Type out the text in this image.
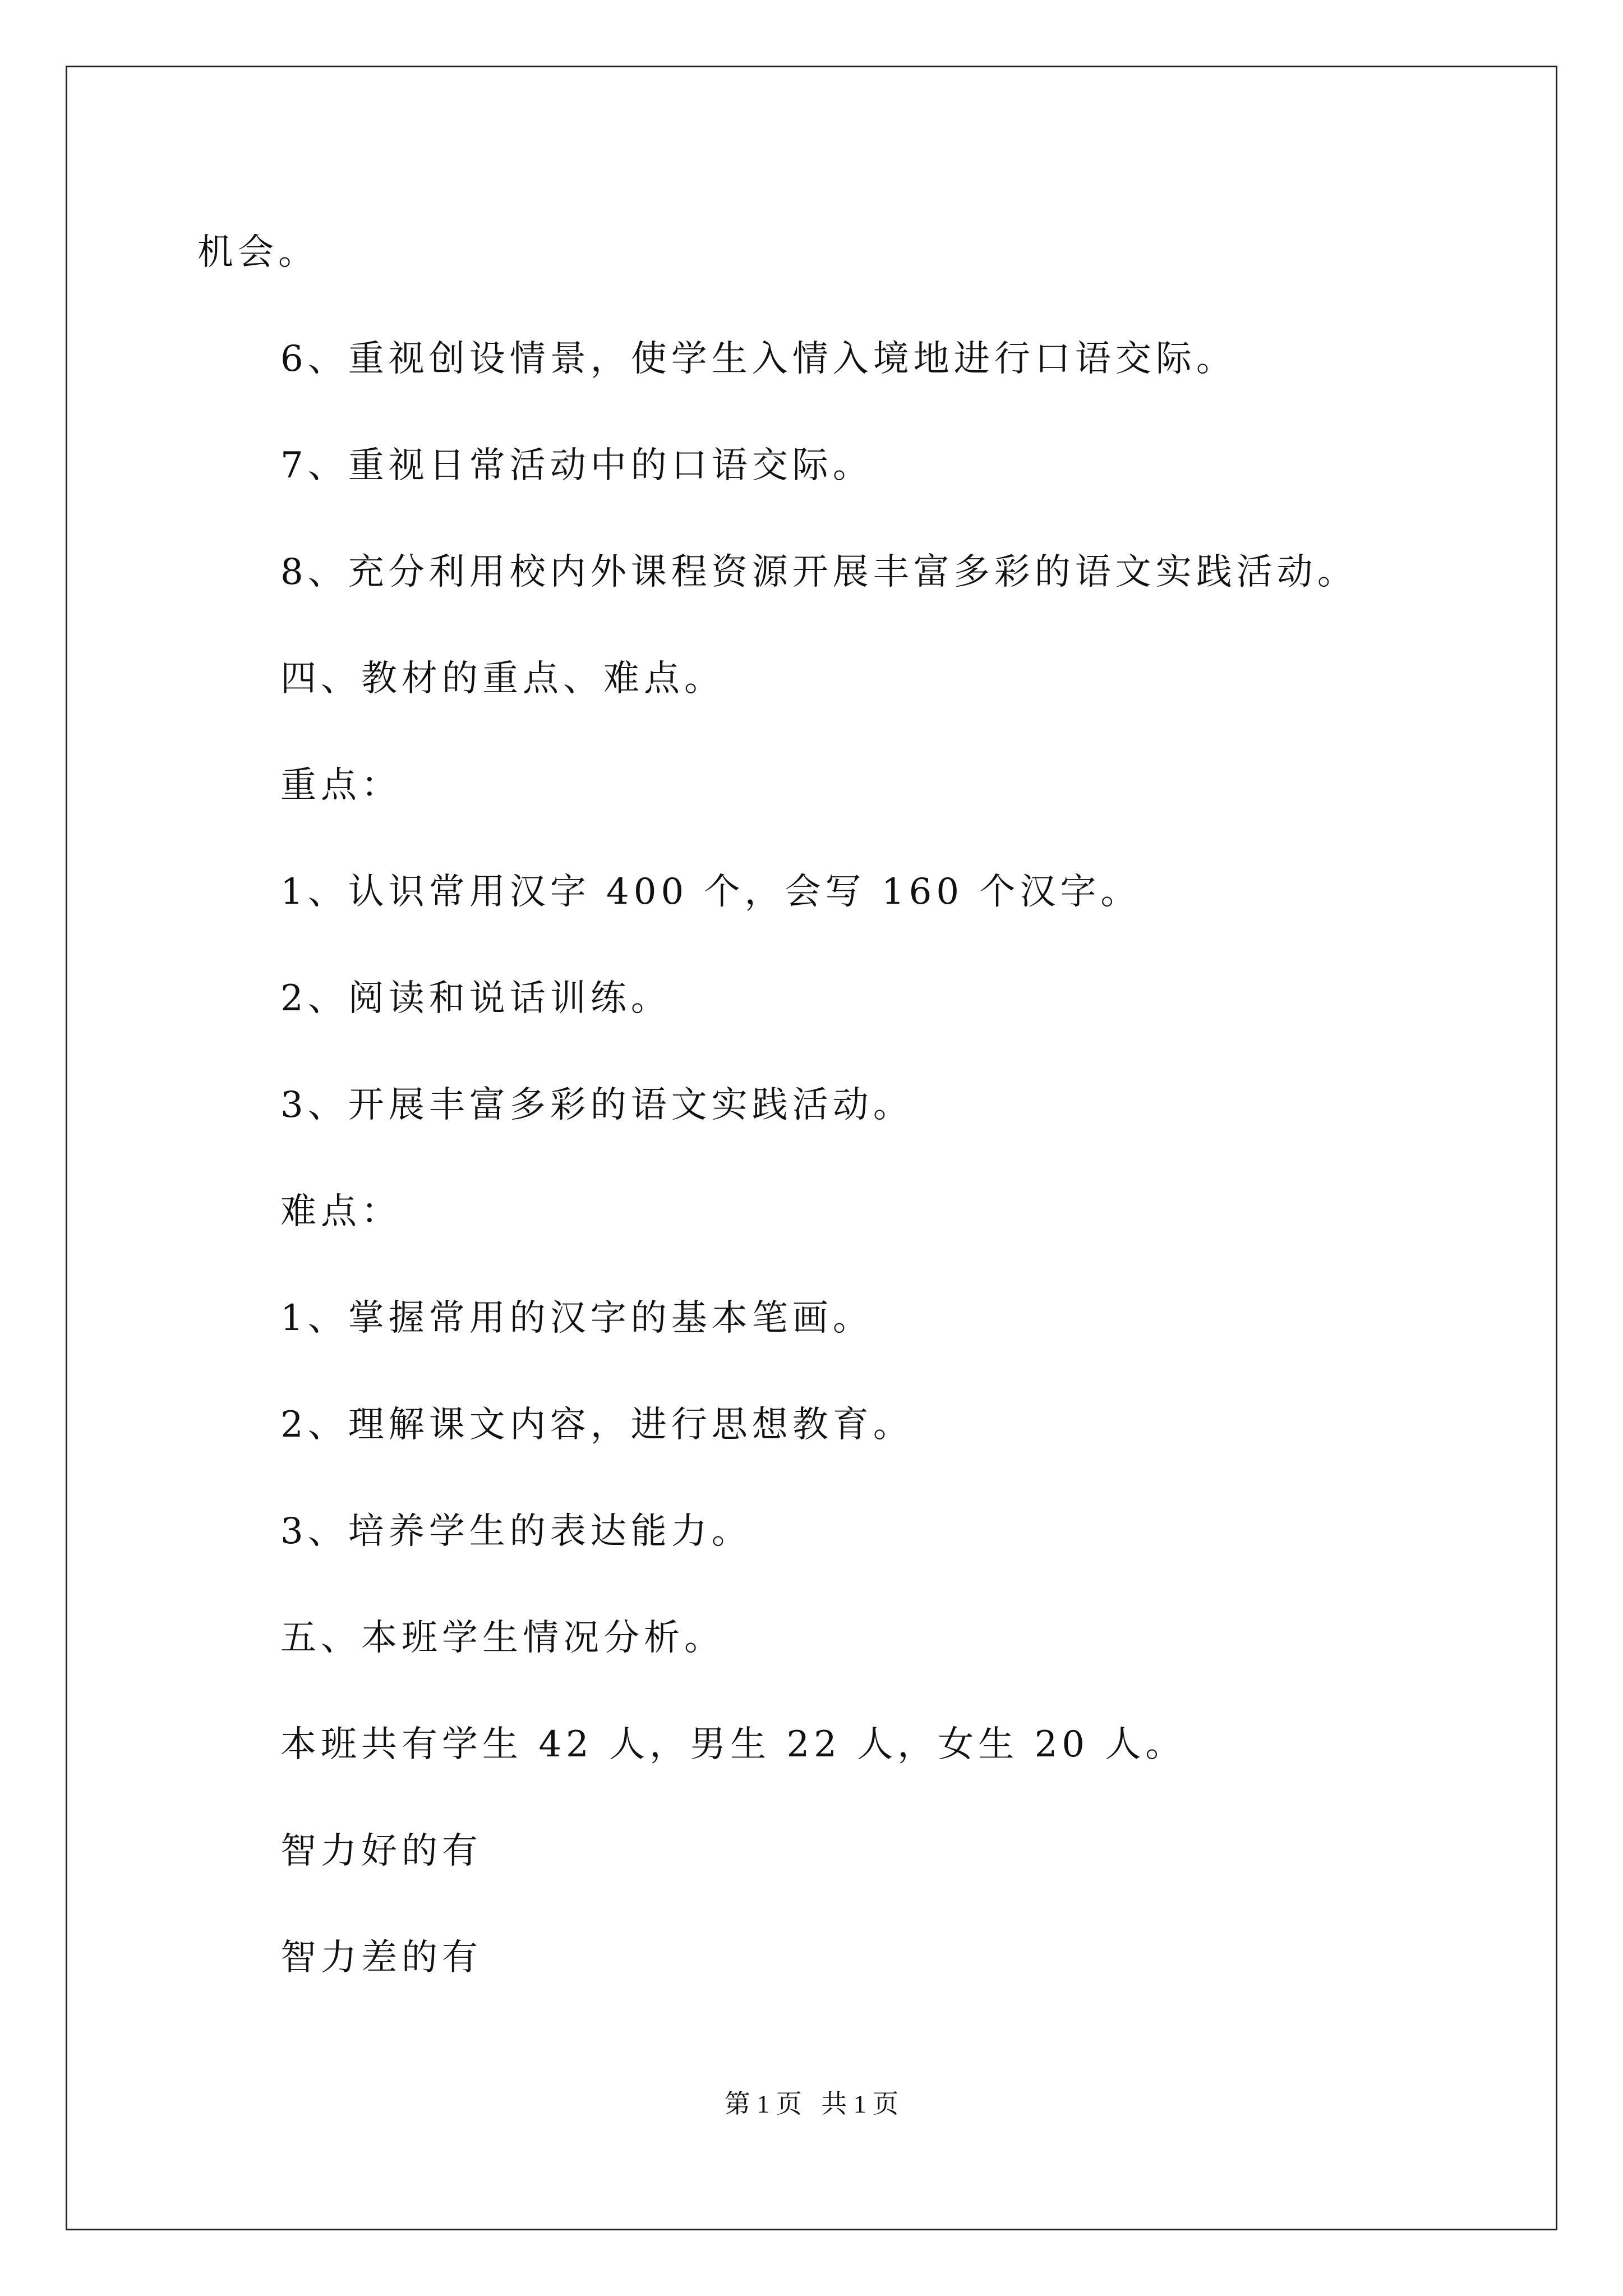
机会。
6、重视创设情景，使学生入情入境地进行口语交际。
7、重视日常活动中的口语交际。
8、充分利用校内外课程资源开展丰富多彩的语文实践活动。
四、教材的重点、难点。
重点：
1、认识常用汉字 400 个，会写 160 个汉字。
2、阅读和说话训练。
3、开展丰富多彩的语文实践活动。
难点：
1、掌握常用的汉字的基本笔画。
2、理解课文内容，进行思想教育。
3、培养学生的表达能力。
五、本班学生情况分析。
本班共有学生 42 人，男生 22 人，女生 20 人。
智力好的有
智力差的有
第 1 页   共 1 页
